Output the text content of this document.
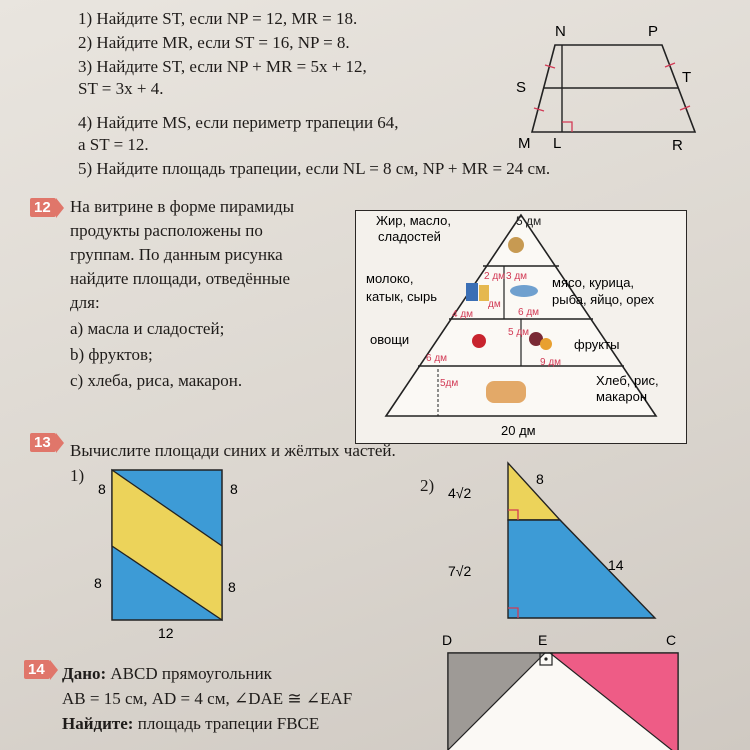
1) Найдите ST, если NP = 12, MR = 18.
2) Найдите MR, если ST = 16, NP = 8.
3) Найдите ST, если NP + MR = 5x + 12,
ST = 3x + 4.
4) Найдите MS, если периметр трапеции 64,
a ST = 12.
5) Найдите площадь трапеции, если NL = 8 см, NP + MR = 24 см.
N	P
S
T
M L	R
12 На витрине в форме пирамиды
продукты расположены по
группам. По данным рисунка
найдите площади, отведённые
для:
а) масла и сладостей;
b) фруктов;
с) хлеба, риса, макарон.
Жир, масло,
сладостей
5 дм
молоко,
катык, сырь
мясо, курица,
рыба, яйцо, орех
овощи	фрукты
Хлеб, рис,
макарон
20 дм
2 дм 3 дм
4 дм
дм
6 дм
5 дм
6 дм	9 дм
5дм
13 Вычислите площади синих и жёлтых частей.
1)
2)
8	8
8	8
12
4√2
8
7√2	14
14 Дано: ABCD прямоугольник
AB = 15 см, AD = 4 см, ∠DAE ≅ ∠EAF
Найдите: площадь трапеции FBCE
D	E	C
